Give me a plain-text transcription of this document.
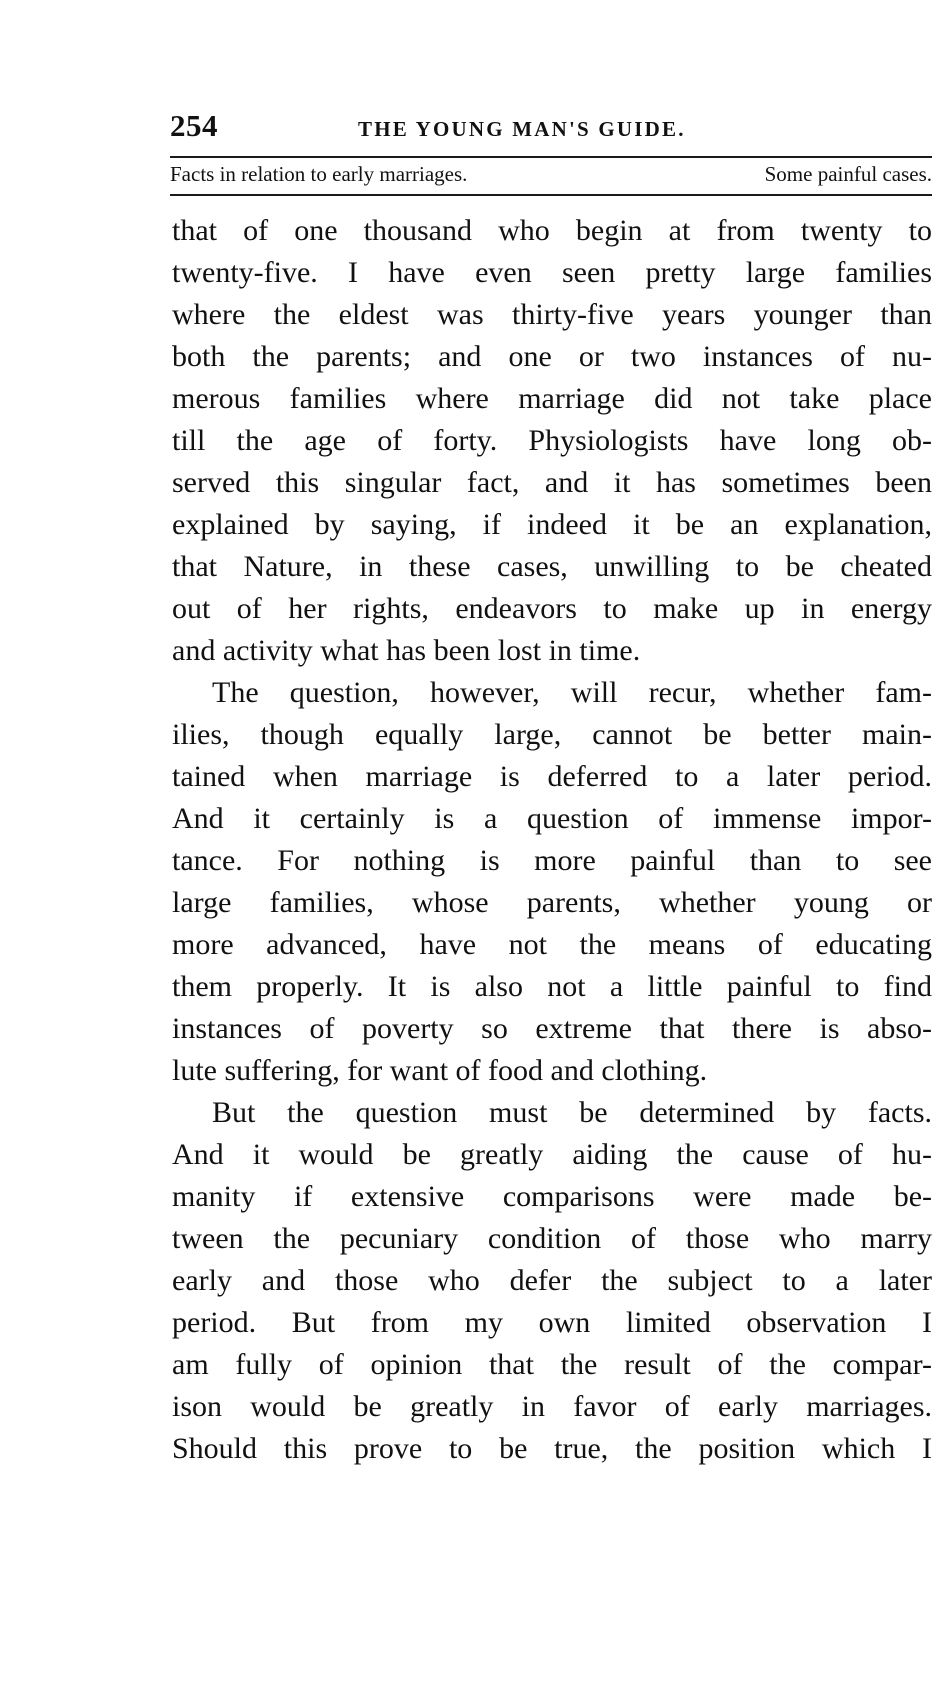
254	THE YOUNG MAN'S GUIDE.
Facts in relation to early marriages.	Some painful cases.
that of one thousand who begin at from twenty to
twenty-five. I have even seen pretty large families
where the eldest was thirty-five years younger than
both the parents; and one or two instances of nu-
merous families where marriage did not take place
till the age of forty. Physiologists have long ob-
served this singular fact, and it has sometimes been
explained by saying, if indeed it be an explanation,
that Nature, in these cases, unwilling to be cheated
out of her rights, endeavors to make up in energy
and activity what has been lost in time.
The question, however, will recur, whether fam-
ilies, though equally large, cannot be better main-
tained when marriage is deferred to a later period.
And it certainly is a question of immense impor-
tance. For nothing is more painful than to see
large families, whose parents, whether young or
more advanced, have not the means of educating
them properly. It is also not a little painful to find
instances of poverty so extreme that there is abso-
lute suffering, for want of food and clothing.
But the question must be determined by facts.
And it would be greatly aiding the cause of hu-
manity if extensive comparisons were made be-
tween the pecuniary condition of those who marry
early and those who defer the subject to a later
period. But from my own limited observation I
am fully of opinion that the result of the compar-
ison would be greatly in favor of early marriages.
Should this prove to be true, the position which I
